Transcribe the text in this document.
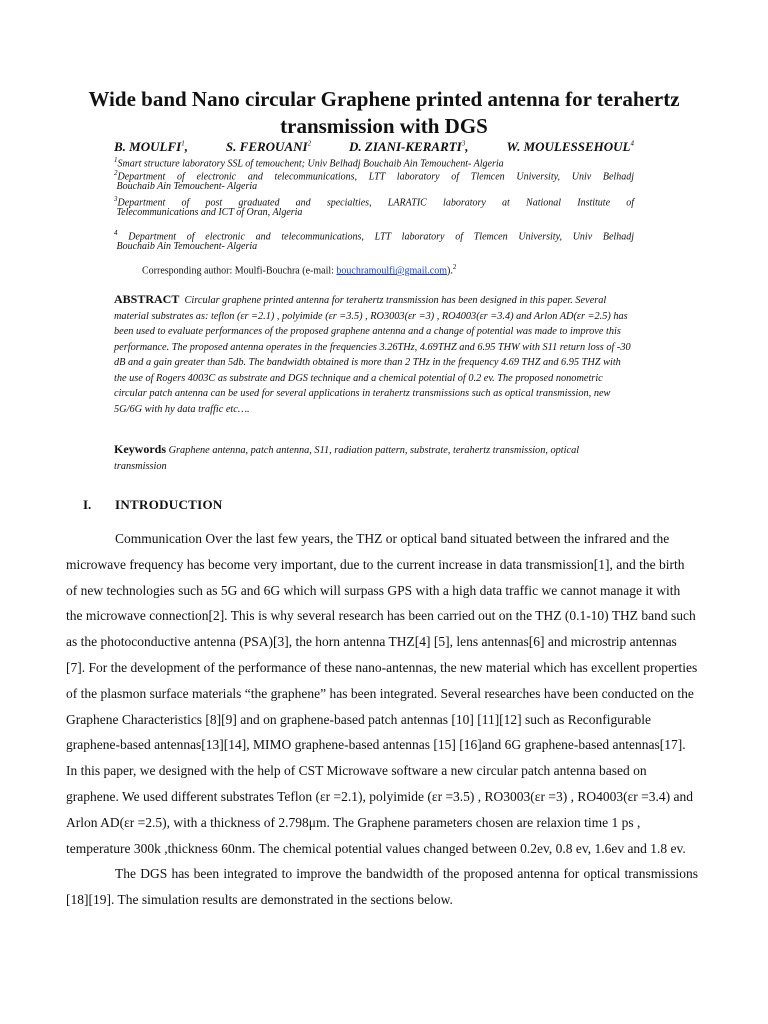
Wide band Nano circular Graphene printed antenna for terahertz transmission with DGS
B. MOULFI$^1$,	S. FEROUANI$^2$	D. ZIANI-KERARTI$^3$,	W. MOULESSEHOUL$^4$
$^1$Smart structure laboratory SSL of temouchent; Univ Belhadj Bouchaib Ain Temouchent- Algeria
$^2$Department of electronic and telecommunications, LTT laboratory of Tlemcen University, Univ Belhadj
Bouchaib Ain Temouchent- Algeria
$^3$Department of post graduated and specialties, LARATIC laboratory at National Institute of
Telecommunications and ICT of Oran, Algeria
$^4$ Department of electronic and telecommunications, LTT laboratory of Tlemcen University, Univ Belhadj
Bouchaib Ain Temouchent- Algeria
Corresponding author: Moulfi-Bouchra (e-mail: bouchramoulfi@gmail.com).$^2$
ABSTRACT Circular graphene printed antenna for terahertz transmission has been designed in this paper. Several material substrates as: teflon (εr =2.1) , polyimide (εr =3.5) , RO3003(εr =3) , RO4003(εr =3.4) and Arlon AD(εr =2.5) has been used to evaluate performances of the proposed graphene antenna and a change of potential was made to improve this performance. The proposed antenna operates in the frequencies 3.26THz, 4.69THZ and 6.95 THW with S11 return loss of -30 dB and a gain greater than 5db. The bandwidth obtained is more than 2 THz in the frequency 4.69 THZ and 6.95 THZ with the use of Rogers 4003C as substrate and DGS technique and a chemical potential of 0.2 ev. The proposed nonometric circular patch antenna can be used for several applications in terahertz transmissions such as optical transmission, new 5G/6G with hy data traffic etc….
Keywords Graphene antenna, patch antenna, S11, radiation pattern, substrate, terahertz transmission, optical transmission
I. INTRODUCTION

Communication Over the last few years, the THZ or optical band situated between the infrared and the microwave frequency has become very important, due to the current increase in data transmission[1], and the birth of new technologies such as 5G and 6G which will surpass GPS with a high data traffic we cannot manage it with the microwave connection[2]. This is why several research has been carried out on the THZ (0.1-10) THZ band such as the photoconductive antenna (PSA)[3], the horn antenna THZ[4] [5], lens antennas[6] and microstrip antennas [7]. For the development of the performance of these nano-antennas, the new material which has excellent properties of the plasmon surface materials “the graphene” has been integrated. Several researches have been conducted on the Graphene Characteristics [8][9] and on graphene-based patch antennas [10] [11][12] such as Reconfigurable graphene-based antennas[13][14], MIMO graphene-based antennas [15] [16]and 6G graphene-based antennas[17]. In this paper, we designed with the help of CST Microwave software a new circular patch antenna based on graphene. We used different substrates Teflon (εr =2.1), polyimide (εr =3.5) , RO3003(εr =3) , RO4003(εr =3.4) and Arlon AD(εr =2.5), with a thickness of 2.798μm. The Graphene parameters chosen are relaxion time 1 ps , temperature 300k ,thickness 60nm. The chemical potential values changed between 0.2ev, 0.8 ev, 1.6ev and 1.8 ev.

The DGS has been integrated to improve the bandwidth of the proposed antenna for optical transmissions [18][19]. The simulation results are demonstrated in the sections below.
